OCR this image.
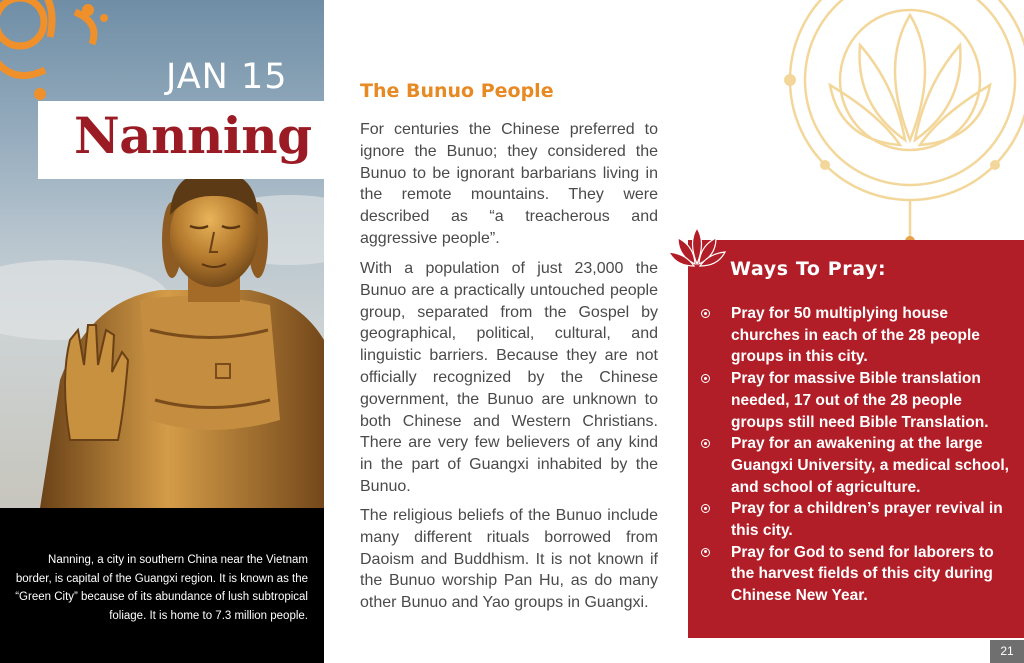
JAN 15
Nanning

Nanning, a city in southern China near the Vietnam border, is capital of the Guangxi region. It is known as the “Green City” because of its abundance of lush subtropical foliage. It is home to 7.3 million people.

The Bunuo People

For centuries the Chinese preferred to ignore the Bunuo; they considered the Bunuo to be ignorant barbarians living in the remote mountains. They were described as “a treacherous and aggressive people”.

With a population of just 23,000 the Bunuo are a practically untouched people group, separated from the Gospel by geographical, political, cultural, and linguistic barriers. Because they are not officially recognized by the Chinese government, the Bunuo are unknown to both Chinese and Western Christians. There are very few believers of any kind in the part of Guangxi inhabited by the Bunuo.

The religious beliefs of the Bunuo include many different rituals borrowed from Daoism and Buddhism. It is not known if the Bunuo worship Pan Hu, as do many other Bunuo and Yao groups in Guangxi.

Ways To Pray:
Pray for 50 multiplying house churches in each of the 28 people groups in this city.
Pray for massive Bible translation needed, 17 out of the 28 people groups still need Bible Translation.
Pray for an awakening at the large Guangxi University, a medical school, and school of agriculture.
Pray for a children’s prayer revival in this city.
Pray for God to send for laborers to the harvest fields of this city during Chinese New Year.
21
